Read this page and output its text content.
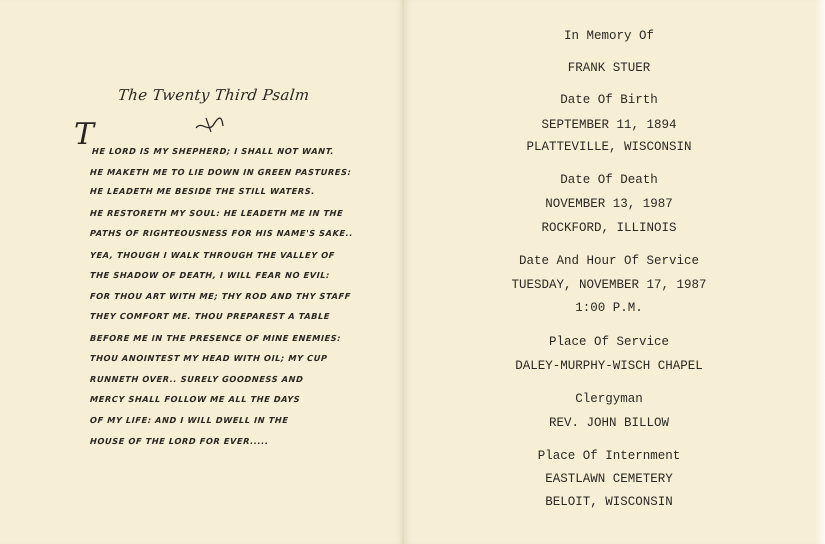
The Twenty Third Psalm
T
HE LORD IS MY SHEPHERD; I SHALL NOT WANT.
HE MAKETH ME TO LIE DOWN IN GREEN PASTURES:
HE LEADETH ME BESIDE THE STILL WATERS.
HE RESTORETH MY SOUL: HE LEADETH ME IN THE
PATHS OF RIGHTEOUSNESS FOR HIS NAME'S SAKE..
YEA, THOUGH I WALK THROUGH THE VALLEY OF
THE SHADOW OF DEATH, I WILL FEAR NO EVIL:
FOR THOU ART WITH ME; THY ROD AND THY STAFF
THEY COMFORT ME. THOU PREPAREST A TABLE
BEFORE ME IN THE PRESENCE OF MINE ENEMIES:
THOU ANOINTEST MY HEAD WITH OIL; MY CUP
RUNNETH OVER.. SURELY GOODNESS AND
MERCY SHALL FOLLOW ME ALL THE DAYS
OF MY LIFE: AND I WILL DWELL IN THE
HOUSE OF THE LORD FOR EVER.....
In Memory Of
FRANK STUER
Date Of Birth
SEPTEMBER 11, 1894
PLATTEVILLE, WISCONSIN
Date Of Death
NOVEMBER 13, 1987
ROCKFORD, ILLINOIS
Date And Hour Of Service
TUESDAY, NOVEMBER 17, 1987
1:00 P.M.
Place Of Service
DALEY-MURPHY-WISCH CHAPEL
Clergyman
REV. JOHN BILLOW
Place Of Internment
EASTLAWN CEMETERY
BELOIT, WISCONSIN
